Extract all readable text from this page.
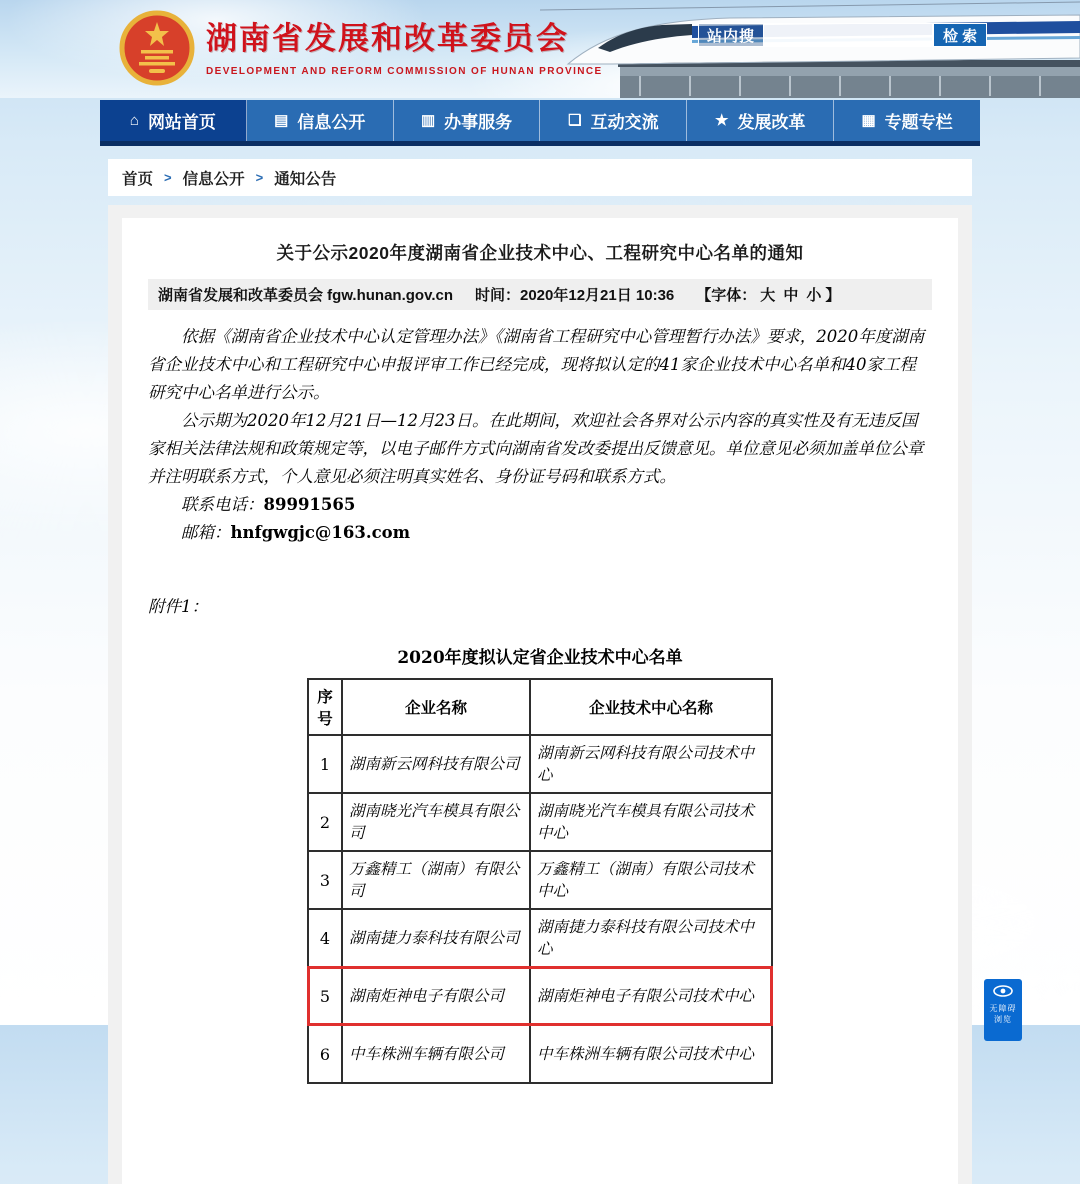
湖南省发展和改革委员会
DEVELOPMENT AND REFORM COMMISSION OF HUNAN PROVINCE
站内搜	检 索
⌂ 网站首页	▤ 信息公开	▥ 办事服务	❑ 互动交流	★ 发展改革	▦ 专题专栏
首页 > 信息公开 > 通知公告
关于公示2020年度湖南省企业技术中心、工程研究中心名单的通知
湖南省发展和改革委员会 fgw.hunan.gov.cn 时间：2020年12月21日 10:36 【字体： 大 中 小 】

依据《湖南省企业技术中心认定管理办法》《湖南省工程研究中心管理暂行办法》要求，2020年度湖南省企业技术中心和工程研究中心申报评审工作已经完成，现将拟认定的41家企业技术中心名单和40家工程研究中心名单进行公示。

公示期为2020年12月21日—12月23日。在此期间，欢迎社会各界对公示内容的真实性及有无违反国家相关法律法规和政策规定等，以电子邮件方式向湖南省发改委提出反馈意见。单位意见必须加盖单位公章并注明联系方式，个人意见必须注明真实姓名、身份证号码和联系方式。

联系电话：89991565

邮箱：hnfgwgjc@163.com

附件1：

2020年度拟认定省企业技术中心名单
序号	企业名称	企业技术中心名称
1	湖南新云网科技有限公司	湖南新云网科技有限公司技术中心
2	湖南晓光汽车模具有限公司	湖南晓光汽车模具有限公司技术中心
3	万鑫精工（湖南）有限公司	万鑫精工（湖南）有限公司技术中心
4	湖南捷力泰科技有限公司	湖南捷力泰科技有限公司技术中心
5	湖南炬神电子有限公司	湖南炬神电子有限公司技术中心
6	中车株洲车辆有限公司	中车株洲车辆有限公司技术中心
无障碍
浏览
